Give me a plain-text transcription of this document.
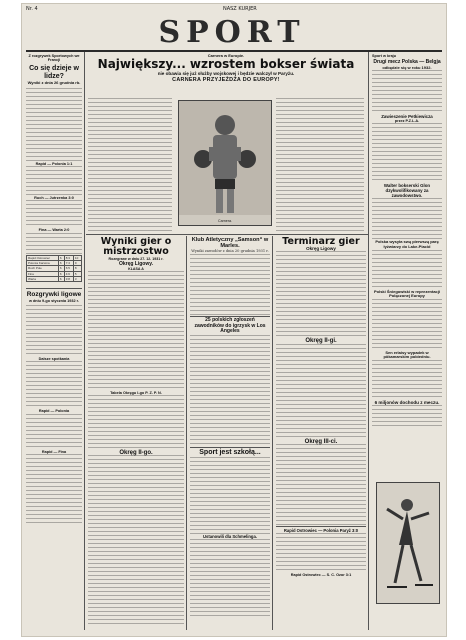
Nr. 4	NASZ KURJER
SPORT
Z rozgrywek Sportowych we Francji
Co się dzieje w lidze?
Wyniki z dnia 26 grudnia rb.
Rapid — Polonia 1:1
Ruch — Jutrzenka 3:0
Fina — Warta 2:0
Rapid Ostrowiec	6	8:3	10
Polonia Karwina	6	7:4	9
Ruch Pole	6	6:5	8
Fina	6	4:6	5
Warta	6	3:8	3
Rozgrywki ligowe
w dniu 9-go stycznia 1932 r.
Dalsze spotkania
Rapid — Polonia
Rapid — Fina
Carnera w Europie.
Największy... wzrostem bokser świata
nie obawia się już służby wojskowej i będzie walczył w Paryżu.
CARNERA PRZYJEŻDŻA DO EUROPY!
Carnera.
Wyniki gier o mistrzostwo
Rozegrane w dniu 27. 12. 1931 r.
Okręg Ligowy.
KLASA A
Tabela Okręgu I-go P. Z. P. N.
Okręg II-go.
Klub Atletyczny „Samson“ w Marles.
Wyniki zawodów z dnia 20 grudnia 1931 r.
25 polskich zgłoszeń zawodników do igrzysk w Los Angeles
Sport jest szkołą...
Ustanowili dla Schmelinga.
Terminarz gier
Okręg Ligowy
Okręg II-gi.
Okręg III-ci.
Rapid Ostrowiec — Polonia Paryż 3:0
Rapid Ostrowiec — S. C. Ozor 3:1
Sport w kraju
Drugi mecz Polska — Belgja
odbędzie się w roku 1932.
Zawieszenie Petkiewicza
przez P.Z.L.A.
Walter bokserski Glon dzykwolifikowany za zawodowstwo.
Polska wysyła swą pierwszą parę łyżwiarzy do Lake-Placid
Polski Śniegowiski w reprezentacji Połączonej Europy
Sen erlaisy wypadek w pökamarskim pobiedniu.
6 miljonów dochodu z meczu.
